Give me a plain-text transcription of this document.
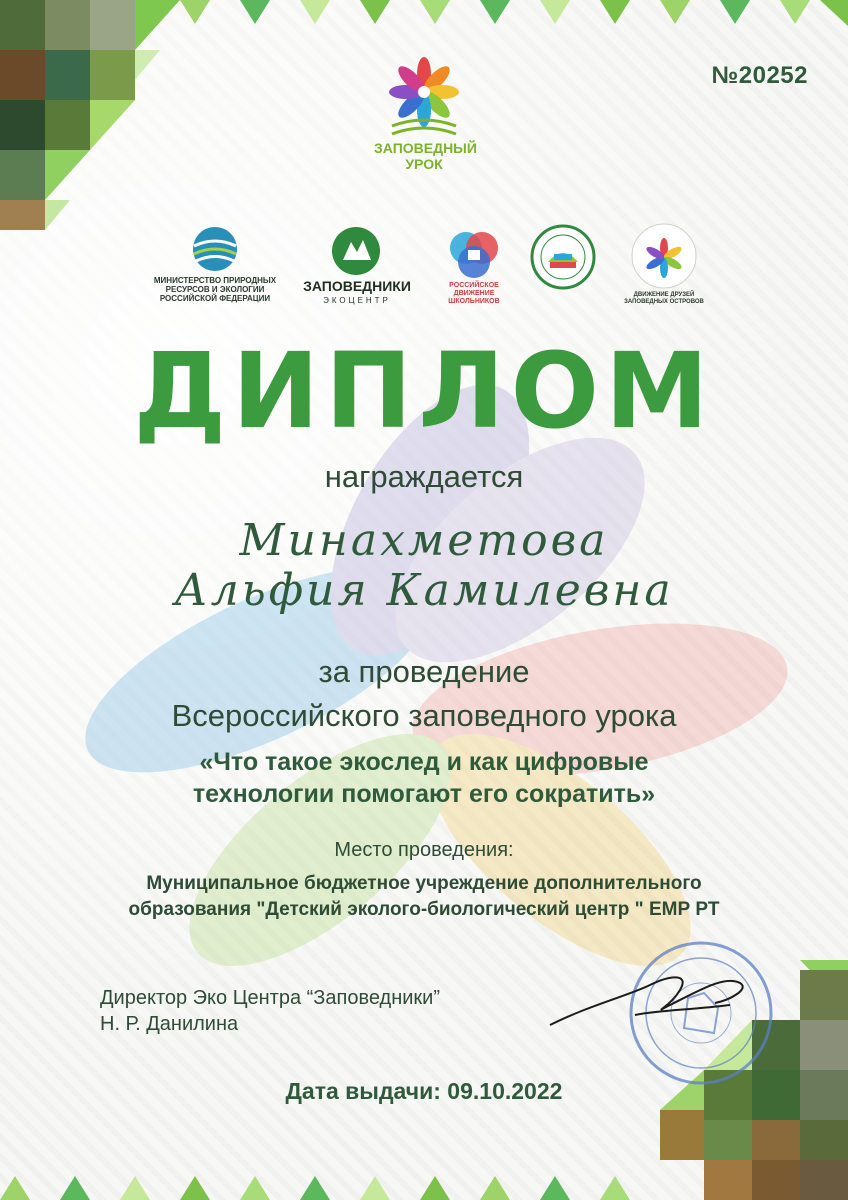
№20252
ЗАПОВЕДНЫЙ УРОК
МИНИСТЕРСТВО ПРИРОДНЫХ РЕСУРСОВ И ЭКОЛОГИИ РОССИЙСКОЙ ФЕДЕРАЦИИ
ЗАПОВЕДНИКИ
ЭКОЦЕНТР
РОССИЙСКОЕ ДВИЖЕНИЕ ШКОЛЬНИКОВ
ДВИЖЕНИЕ ДРУЗЕЙ ЗАПОВЕДНЫХ ОСТРОВОВ
ДИПЛОМ
награждается
Минахметова
Альфия Камилевна
за проведение
Всероссийского заповедного урока
«Что такое экослед и как цифровые
технологии помогают его сократить»
Место проведения:
Муниципальное бюджетное учреждение дополнительного
образования "Детский эколого-биологический центр " ЕМР РТ
Директор Эко Центра “Заповедники”
Н. Р. Данилина
Дата выдачи: 09.10.2022
